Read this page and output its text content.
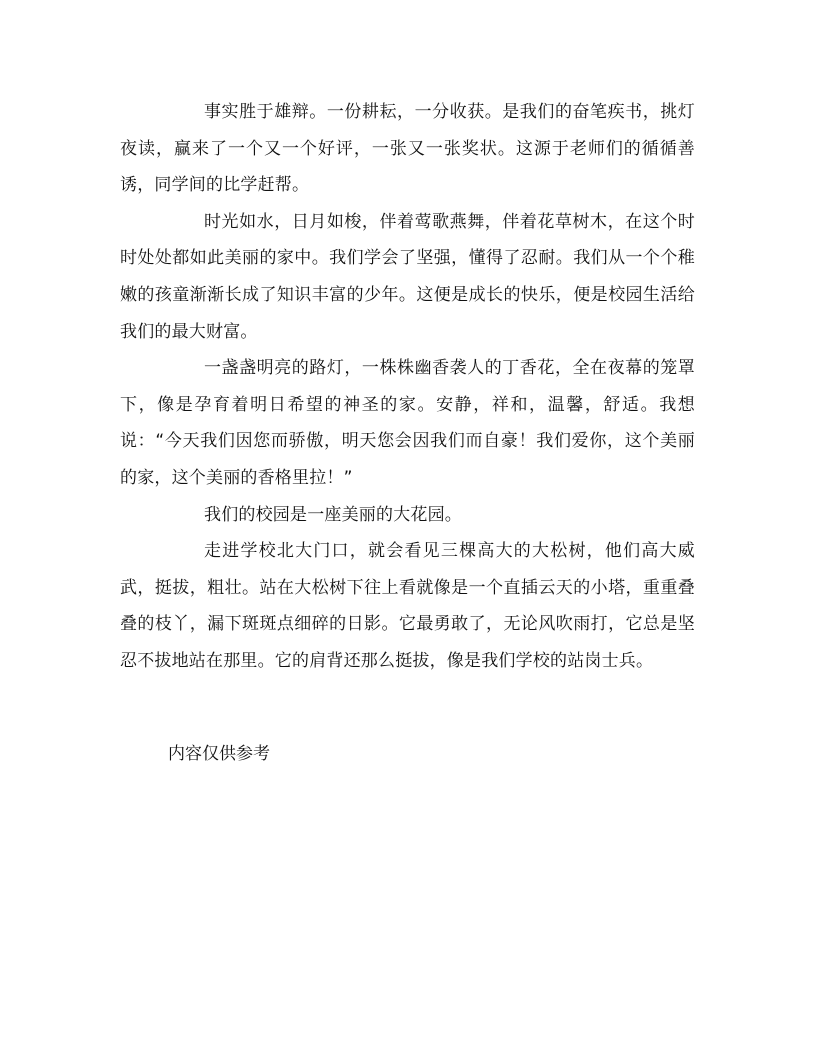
事实胜于雄辩。一份耕耘，一分收获。是我们的奋笔疾书，挑灯夜读，赢来了一个又一个好评，一张又一张奖状。这源于老师们的循循善诱，同学间的比学赶帮。

时光如水，日月如梭，伴着莺歌燕舞，伴着花草树木，在这个时时处处都如此美丽的家中。我们学会了坚强，懂得了忍耐。我们从一个个稚嫩的孩童渐渐长成了知识丰富的少年。这便是成长的快乐，便是校园生活给我们的最大财富。

一盏盏明亮的路灯，一株株幽香袭人的丁香花，全在夜幕的笼罩下，像是孕育着明日希望的神圣的家。安静，祥和，温馨，舒适。我想说：“今天我们因您而骄傲，明天您会因我们而自豪！我们爱你，这个美丽的家，这个美丽的香格里拉！”

我们的校园是一座美丽的大花园。

走进学校北大门口，就会看见三棵高大的大松树，他们高大威武，挺拔，粗壮。站在大松树下往上看就像是一个直插云天的小塔，重重叠叠的枝丫，漏下斑斑点细碎的日影。它最勇敢了，无论风吹雨打，它总是坚忍不拔地站在那里。它的肩背还那么挺拔，像是我们学校的站岗士兵。

内容仅供参考
